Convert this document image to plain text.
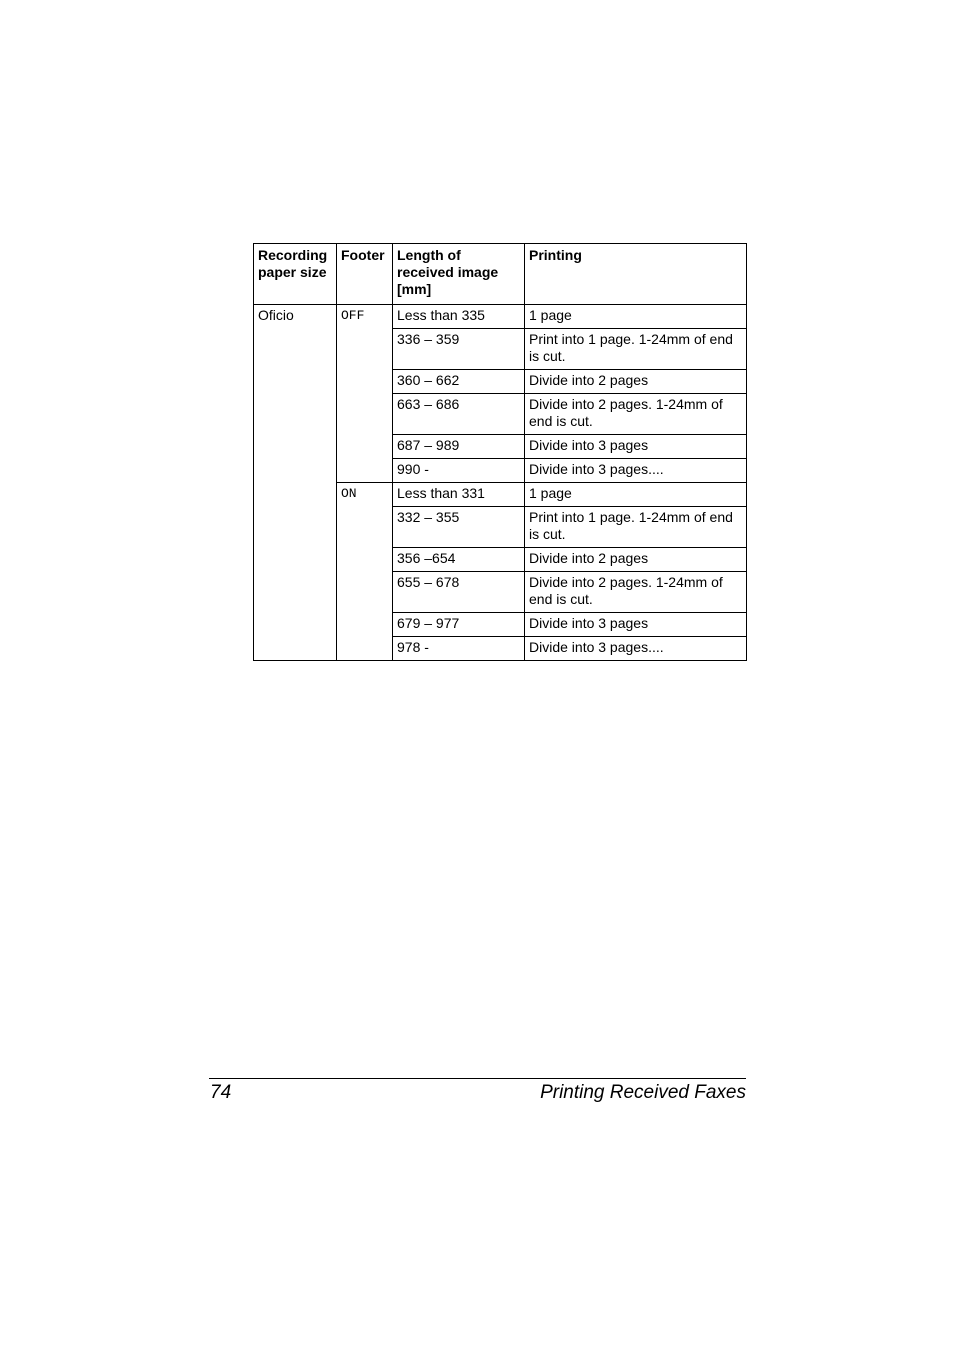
Recording paper size	Footer	Length of received image [mm]	Printing
Oficio	OFF	Less than 335	1 page
		336 – 359	Print into 1 page. 1-24mm of end is cut.
		360 – 662	Divide into 2 pages
		663 – 686	Divide into 2 pages. 1-24mm of end is cut.
		687 – 989	Divide into 3 pages
		990 -	Divide into 3 pages....
	ON	Less than 331	1 page
		332 – 355	Print into 1 page. 1-24mm of end is cut.
		356 –654	Divide into 2 pages
		655 – 678	Divide into 2 pages. 1-24mm of end is cut.
		679 – 977	Divide into 3 pages
		978 -	Divide into 3 pages....
74	Printing Received Faxes
